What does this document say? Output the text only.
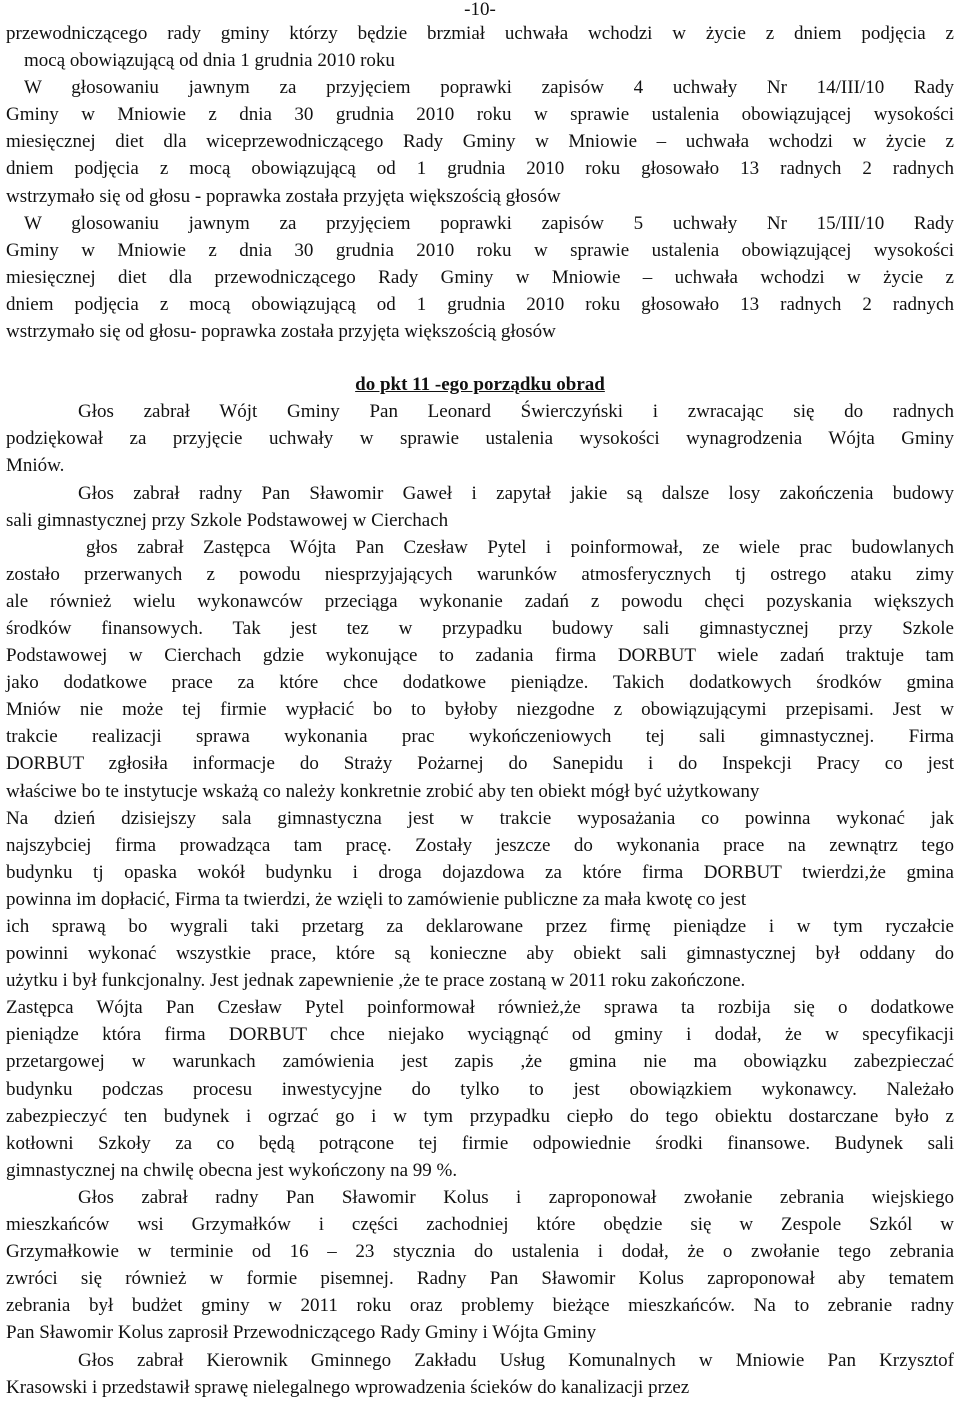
-10-

przewodniczącego rady gminy którzy będzie brzmiał uchwała wchodzi w życie z dniem podjęcia z

mocą obowiązującą od dnia 1 grudnia 2010 roku

W głosowaniu jawnym za przyjęciem poprawki zapisów 4 uchwały Nr 14/III/10 Rady

Gminy w Mniowie z dnia 30 grudnia 2010 roku w sprawie ustalenia obowiązującej wysokości

miesięcznej diet dla wiceprzewodniczącego Rady Gminy w Mniowie – uchwała wchodzi w życie z

dniem podjęcia z mocą obowiązującą od 1 grudnia 2010 roku głosowało 13 radnych 2 radnych

wstrzymało się od głosu - poprawka została przyjęta większością głosów

W glosowaniu jawnym za przyjęciem poprawki zapisów 5 uchwały Nr 15/III/10 Rady

Gminy w Mniowie z dnia 30 grudnia 2010 roku w sprawie ustalenia obowiązującej wysokości

miesięcznej diet dla przewodniczącego Rady Gminy w Mniowie – uchwała wchodzi w życie z

dniem podjęcia z mocą obowiązującą od 1 grudnia 2010 roku głosowało 13 radnych 2 radnych

wstrzymało się od głosu- poprawka została przyjęta większością głosów

do pkt 11 -ego porządku obrad

Głos zabrał Wójt Gminy Pan Leonard Świerczyński i zwracając się do radnych

podziękował za przyjęcie uchwały w sprawie ustalenia wysokości wynagrodzenia Wójta Gminy

Mniów.

Głos zabrał radny Pan Sławomir Gaweł i zapytał jakie są dalsze losy zakończenia budowy

sali gimnastycznej przy Szkole Podstawowej w Cierchach

głos zabrał Zastępca Wójta Pan Czesław Pytel i poinformował, ze wiele prac budowlanych

zostało przerwanych z powodu niesprzyjających warunków atmosferycznych tj ostrego ataku zimy

ale również wielu wykonawców przeciąga wykonanie zadań z powodu chęci pozyskania większych

środków finansowych. Tak jest tez w przypadku budowy sali gimnastycznej przy Szkole

Podstawowej w Cierchach gdzie wykonujące to zadania firma DORBUT wiele zadań traktuje tam

jako dodatkowe prace za które chce dodatkowe pieniądze. Takich dodatkowych środków gmina

Mniów nie może tej firmie wypłacić bo to byłoby niezgodne z obowiązującymi przepisami. Jest w

trakcie realizacji sprawa wykonania prac wykończeniowych tej sali gimnastycznej. Firma

DORBUT zgłosiła informacje do Straży Pożarnej do Sanepidu i do Inspekcji Pracy co jest

właściwe bo te instytucje wskażą co należy konkretnie zrobić aby ten obiekt mógł być użytkowany

Na dzień dzisiejszy sala gimnastyczna jest w trakcie wyposażania co powinna wykonać jak

najszybciej firma prowadząca tam pracę. Zostały jeszcze do wykonania prace na zewnątrz tego

budynku tj opaska wokół budynku i droga dojazdowa za które firma DORBUT twierdzi,że gmina

powinna im dopłacić, Firma ta twierdzi, że wzięli to zamówienie publiczne za mała kwotę co jest

ich sprawą bo wygrali taki przetarg za deklarowane przez firmę pieniądze i w tym ryczałcie

powinni wykonać wszystkie prace, które są konieczne aby obiekt sali gimnastycznej był oddany do

użytku i był funkcjonalny. Jest jednak zapewnienie ,że te prace zostaną w 2011 roku zakończone.

Zastępca Wójta Pan Czesław Pytel poinformował również,że sprawa ta rozbija się o dodatkowe

pieniądze która firma DORBUT chce niejako wyciągnąć od gminy i dodał, że w specyfikacji

przetargowej w warunkach zamówienia jest zapis ,że gmina nie ma obowiązku zabezpieczać

budynku podczas procesu inwestycyjne do tylko to jest obowiązkiem wykonawcy. Należało

zabezpieczyć ten budynek i ogrzać go i w tym przypadku ciepło do tego obiektu dostarczane było z

kotłowni Szkoły za co będą potrącone tej firmie odpowiednie środki finansowe. Budynek sali

gimnastycznej na chwilę obecna jest wykończony na 99 %.

Głos zabrał radny Pan Sławomir Kolus i zaproponował zwołanie zebrania wiejskiego

mieszkańców wsi Grzymałków i części zachodniej które obędzie się w Zespole Szkól w

Grzymałkowie w terminie od 16 – 23 stycznia do ustalenia i dodał, że o zwołanie tego zebrania

zwróci się również w formie pisemnej. Radny Pan Sławomir Kolus zaproponował aby tematem

zebrania był budżet gminy w 2011 roku oraz problemy bieżące mieszkańców. Na to zebranie radny

Pan Sławomir Kolus zaprosił Przewodniczącego Rady Gminy i Wójta Gminy

Głos zabrał Kierownik Gminnego Zakładu Usług Komunalnych w Mniowie Pan Krzysztof

Krasowski i przedstawił sprawę nielegalnego wprowadzenia ścieków do kanalizacji przez
